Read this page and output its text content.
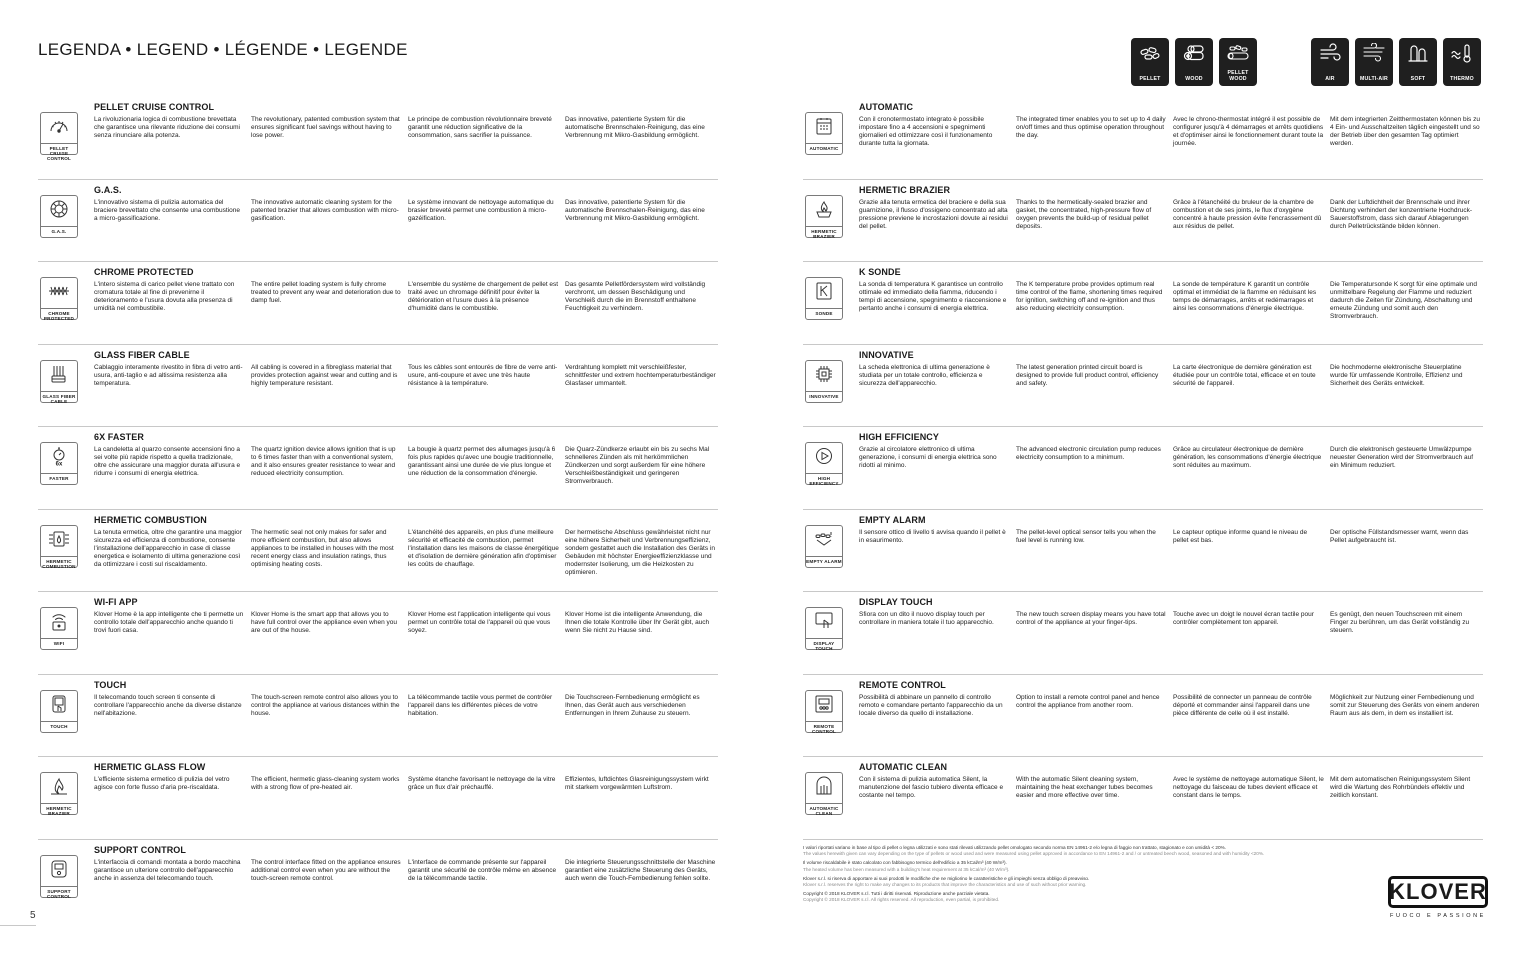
LEGENDA • LEGEND • LÉGENDE • LEGENDE
PELLET	WOOD
PELLET WOOD	AIR	MULTI-AIR	SOFT	THERMO
PELLET CRUISE CONTROL
PELLET CRUISE CONTROL
La rivoluzionaria logica di combustione brevettata che garantisce una rilevante riduzione dei consumi senza rinunciare alla potenza.
The revolutionary, patented combustion system that ensures significant fuel savings without having to lose power.
Le principe de combustion révolutionnaire breveté garantit une réduction significative de la consommation, sans sacrifier la puissance.
Das innovative, patentierte System für die automatische Brennschalen-Reinigung, das eine Verbrennung mit Mikro-Gasbildung ermöglicht.
G.A.S.
G.A.S.
L'innovativo sistema di pulizia automatica del braciere brevettato che consente una combustione a micro-gassificazione.
The innovative automatic cleaning system for the patented brazier that allows combustion with micro-gasification.
Le système innovant de nettoyage automatique du brasier breveté permet une combustion à micro-gazéification.
Das innovative, patentierte System für die automatische Brennschalen-Reinigung, das eine Verbrennung mit Mikro-Gasbildung ermöglicht.
CHROME PROTECTED
CHROME PROTECTED
L'intero sistema di carico pellet viene trattato con cromatura totale al fine di prevenirne il deterioramento e l'usura dovuta alla presenza di umidità nel combustibile.
The entire pellet loading system is fully chrome treated to prevent any wear and deterioration due to damp fuel.
L'ensemble du système de chargement de pellet est traité avec un chromage définitif pour éviter la détérioration et l'usure dues à la présence d'humidité dans le combustible.
Das gesamte Pelletfördersystem wird vollständig verchromt, um dessen Beschädigung und Verschleiß durch die im Brennstoff enthaltene Feuchtigkeit zu verhindern.
GLASS FIBER CABLE
GLASS FIBER CABLE
Cablaggio interamente rivestito in fibra di vetro anti-usura, anti-taglio e ad altissima resistenza alla temperatura.
All cabling is covered in a fibreglass material that provides protection against wear and cutting and is highly temperature resistant.
Tous les câbles sont entourés de fibre de verre anti-usure, anti-coupure et avec une très haute résistance à la température.
Verdrahtung komplett mit verschleißfester, schnittfester und extrem hochtemperaturbeständiger Glasfaser ummantelt.
6x
FASTER
6X FASTER
La candeletta al quarzo consente accensioni fino a sei volte più rapide rispetto a quella tradizionale, oltre che assicurare una maggior durata all'usura e ridurre i consumi di energia elettrica.
The quartz ignition device allows ignition that is up to 6 times faster than with a conventional system, and it also ensures greater resistance to wear and reduced electricity consumption.
La bougie à quartz permet des allumages jusqu'à 6 fois plus rapides qu'avec une bougie traditionnelle, garantissant ainsi une durée de vie plus longue et une réduction de la consommation d'énergie.
Die Quarz-Zündkerze erlaubt ein bis zu sechs Mal schnelleres Zünden als mit herkömmlichen Zündkerzen und sorgt außerdem für eine höhere Verschleißbeständigkeit und geringeren Stromverbrauch.
HERMETIC COMBUSTION
HERMETIC COMBUSTION
La tenuta ermetica, oltre che garantire una maggior sicurezza ed efficienza di combustione, consente l'installazione dell'apparecchio in case di classe energetica e isolamento di ultima generazione così da ottimizzare i costi sul riscaldamento.
The hermetic seal not only makes for safer and more efficient combustion, but also allows appliances to be installed in houses with the most recent energy class and insulation ratings, thus optimising heating costs.
L'étanchéité des appareils, en plus d'une meilleure sécurité et efficacité de combustion, permet l'installation dans les maisons de classe énergétique et d'isolation de dernière génération afin d'optimiser les coûts de chauffage.
Der hermetische Abschluss gewährleistet nicht nur eine höhere Sicherheit und Verbrennungseffizienz, sondern gestattet auch die Installation des Geräts in Gebäuden mit höchster Energieeffizienzklasse und modernster Isolierung, um die Heizkosten zu optimieren.
WIFI
WI-FI APP
Klover Home è la app intelligente che ti permette un controllo totale dell'apparecchio anche quando ti trovi fuori casa.
Klover Home is the smart app that allows you to have full control over the appliance even when you are out of the house.
Klover Home est l'application intelligente qui vous permet un contrôle total de l'appareil où que vous soyez.
Klover Home ist die intelligente Anwendung, die Ihnen die totale Kontrolle über Ihr Gerät gibt, auch wenn Sie nicht zu Hause sind.
TOUCH
TOUCH
Il telecomando touch screen ti consente di controllare l'apparecchio anche da diverse distanze nell'abitazione.
The touch-screen remote control also allows you to control the appliance at various distances within the house.
La télécommande tactile vous permet de contrôler l'appareil dans les différentes pièces de votre habitation.
Die Touchscreen-Fernbedienung ermöglicht es Ihnen, das Gerät auch aus verschiedenen Entfernungen in Ihrem Zuhause zu steuern.
HERMETIC BRAZIER
HERMETIC GLASS FLOW
L'efficiente sistema ermetico di pulizia del vetro agisce con forte flusso d'aria pre-riscaldata.
The efficient, hermetic glass-cleaning system works with a strong flow of pre-heated air.
Système étanche favorisant le nettoyage de la vitre grâce un flux d'air préchauffé.
Effizientes, luftdichtes Glasreinigungssystem wirkt mit starkem vorgewärmten Luftstrom.
SUPPORT CONTROL
SUPPORT CONTROL
L'interfaccia di comandi montata a bordo macchina garantisce un ulteriore controllo dell'apparecchio anche in assenza del telecomando touch.
The control interface fitted on the appliance ensures additional control even when you are without the touch-screen remote control.
L'interface de commande présente sur l'appareil garantit une sécurité de contrôle même en absence de la télécommande tactile.
Die integrierte Steuerungsschnittstelle der Maschine garantiert eine zusätzliche Steuerung des Geräts, auch wenn die Touch-Fernbedienung fehlen sollte.
AUTOMATIC
AUTOMATIC
Con il cronotermostato integrato è possibile impostare fino a 4 accensioni e spegnimenti giornalieri ed ottimizzare così il funzionamento durante tutta la giornata.
The integrated timer enables you to set up to 4 daily on/off times and thus optimise operation throughout the day.
Avec le chrono-thermostat intégré il est possible de configurer jusqu'à 4 démarrages et arrêts quotidiens et d'optimiser ainsi le fonctionnement durant toute la journée.
Mit dem integrierten Zeitthermostaten können bis zu 4 Ein- und Ausschaltzeiten täglich eingestellt und so der Betrieb über den gesamten Tag optimiert werden.
HERMETIC BRAZIER
HERMETIC BRAZIER
Grazie alla tenuta ermetica del braciere e della sua guarnizione, il flusso d'ossigeno concentrato ad alta pressione previene le incrostazioni dovute ai residui del pellet.
Thanks to the hermetically-sealed brazier and gasket, the concentrated, high-pressure flow of oxygen prevents the build-up of residual pellet deposits.
Grâce à l'étanchéité du bruleur de la chambre de combustion et de ses joints, le flux d'oxygène concentré à haute pression évite l'encrassement dû aux résidus de pellet.
Dank der Luftdichtheit der Brennschale und ihrer Dichtung verhindert der konzentrierte Hochdruck-Sauerstoffstrom, dass sich darauf Ablagerungen durch Pelletrückstände bilden können.
SONDE
K SONDE
La sonda di temperatura K garantisce un controllo ottimale ed immediato della fiamma, riducendo i tempi di accensione, spegnimento e riaccensione e pertanto anche i consumi di energia elettrica.
The K temperature probe provides optimum real time control of the flame, shortening times required for ignition, switching off and re-ignition and thus also reducing electricity consumption.
La sonde de température K garantit un contrôle optimal et immédiat de la flamme en réduisant les temps de démarrages, arrêts et redémarrages et ainsi les consommations d'énergie électrique.
Die Temperatursonde K sorgt für eine optimale und unmittelbare Regelung der Flamme und reduziert dadurch die Zeiten für Zündung, Abschaltung und erneute Zündung und somit auch den Stromverbrauch.
INNOVATIVE
INNOVATIVE
La scheda elettronica di ultima generazione è studiata per un totale controllo, efficienza e sicurezza dell'apparecchio.
The latest generation printed circuit board is designed to provide full product control, efficiency and safety.
La carte électronique de dernière génération est étudiée pour un contrôle total, efficace et en toute sécurité de l'appareil.
Die hochmoderne elektronische Steuerplatine wurde für umfassende Kontrolle, Effizienz und Sicherheit des Geräts entwickelt.
HIGH EFFICIENCY
HIGH EFFICIENCY
Grazie al circolatore elettronico di ultima generazione, i consumi di energia elettrica sono ridotti al minimo.
The advanced electronic circulation pump reduces electricity consumption to a minimum.
Grâce au circulateur électronique de dernière génération, les consommations d'énergie électrique sont réduites au maximum.
Durch die elektronisch gesteuerte Umwälzpumpe neuester Generation wird der Stromverbrauch auf ein Minimum reduziert.
EMPTY ALARM
EMPTY ALARM
Il sensore ottico di livello ti avvisa quando il pellet è in esaurimento.
The pellet-level optical sensor tells you when the fuel level is running low.
Le capteur optique informe quand le niveau de pellet est bas.
Der optische Füllstandsmesser warnt, wenn das Pellet aufgebraucht ist.
DISPLAY TOUCH
DISPLAY TOUCH
Sfiora con un dito il nuovo display touch per controllare in maniera totale il tuo apparecchio.
The new touch screen display means you have total control of the appliance at your finger-tips.
Touche avec un doigt le nouvel écran tactile pour contrôler complètement ton appareil.
Es genügt, den neuen Touchscreen mit einem Finger zu berühren, um das Gerät vollständig zu steuern.
REMOTE CONTROL
REMOTE CONTROL
Possibilità di abbinare un pannello di controllo remoto e comandare pertanto l'apparecchio da un locale diverso da quello di installazione.
Option to install a remote control panel and hence control the appliance from another room.
Possibilité de connecter un panneau de contrôle déporté et commander ainsi l'appareil dans une pièce différente de celle où il est installé.
Möglichkeit zur Nutzung einer Fernbedienung und somit zur Steuerung des Geräts von einem anderen Raum aus als dem, in dem es installiert ist.
AUTOMATIC CLEAN
AUTOMATIC CLEAN
Con il sistema di pulizia automatica Silent, la manutenzione del fascio tubiero diventa efficace e costante nel tempo.
With the automatic Silent cleaning system, maintaining the heat exchanger tubes becomes easier and more effective over time.
Avec le système de nettoyage automatique Silent, le nettoyage du faisceau de tubes devient efficace et constant dans le temps.
Mit dem automatischen Reinigungssystem Silent wird die Wartung des Rohrbündels effektiv und zeitlich konstant.

I valori riportati variano in base al tipo di pellet o legna utilizzati e sono stati rilevati utilizzando pellet omologato secondo norma EN 14961-2 e/o legna di faggio non trattato, stagionato e con umidità < 20%.
The values herewith given can vary depending on the type of pellets or wood used and were measured using pellet approved in accordance to EN 14961-2 and / or untreated beech wood, seasoned and with humidity <20%.

Il volume riscaldabile è stato calcolato con fabbisogno termico dell'edificio a 35 kCal/m³ (40 W/m³).
The heated volume has been measured with a building's heat requirement at 35 kCal/m³ (40 W/m³).

Klover s.r.l. si riserva di apportare ai suoi prodotti le modifiche che ne migliorino le caratteristiche e gli impieghi senza obbligo di preavviso.
Klover s.r.l. reserves the right to make any changes to its products that improve the characteristics and use of such without prior warning.

Copyright © 2018 KLOVER s.r.l. Tutti i diritti riservati. Riproduzione anche parziale vietata.
Copyright © 2018 KLOVER s.r.l. All rights reserved. All reproduction, even partial, is prohibited.	KLOVER
FUOCO E PASSIONE
5
